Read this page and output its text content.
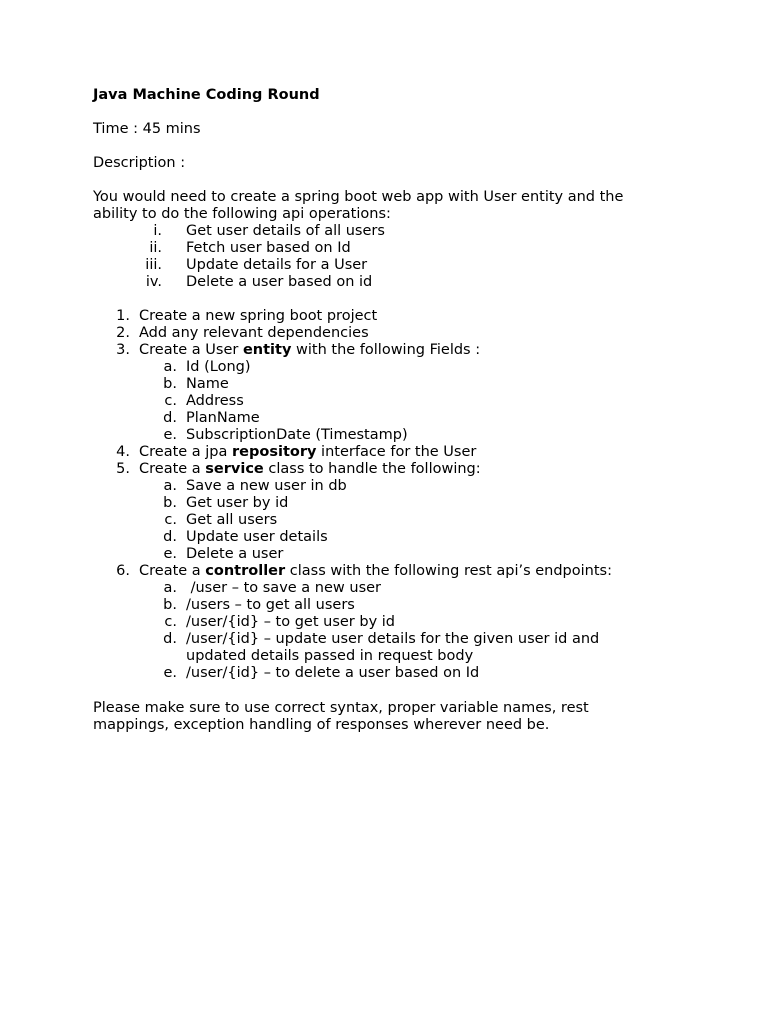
Java Machine Coding Round
Time : 45 mins
Description :
You would need to create a spring boot web app with User entity and the
ability to do the following api operations:
i. Get user details of all users
ii. Fetch user based on Id
iii. Update details for a User
iv. Delete a user based on id
1. Create a new spring boot project
2. Add any relevant dependencies
3. Create a User entity with the following Fields :
a. Id (Long)
b. Name
c. Address
d. PlanName
e. SubscriptionDate (Timestamp)
4. Create a jpa repository interface for the User
5. Create a service class to handle the following:
a. Save a new user in db
b. Get user by id
c. Get all users
d. Update user details
e. Delete a user
6. Create a controller class with the following rest api’s endpoints:
a. /user – to save a new user
b. /users – to get all users
c. /user/{id} – to get user by id
d. /user/{id} – update user details for the given user id and
updated details passed in request body
e. /user/{id} – to delete a user based on Id
Please make sure to use correct syntax, proper variable names, rest
mappings, exception handling of responses wherever need be.
